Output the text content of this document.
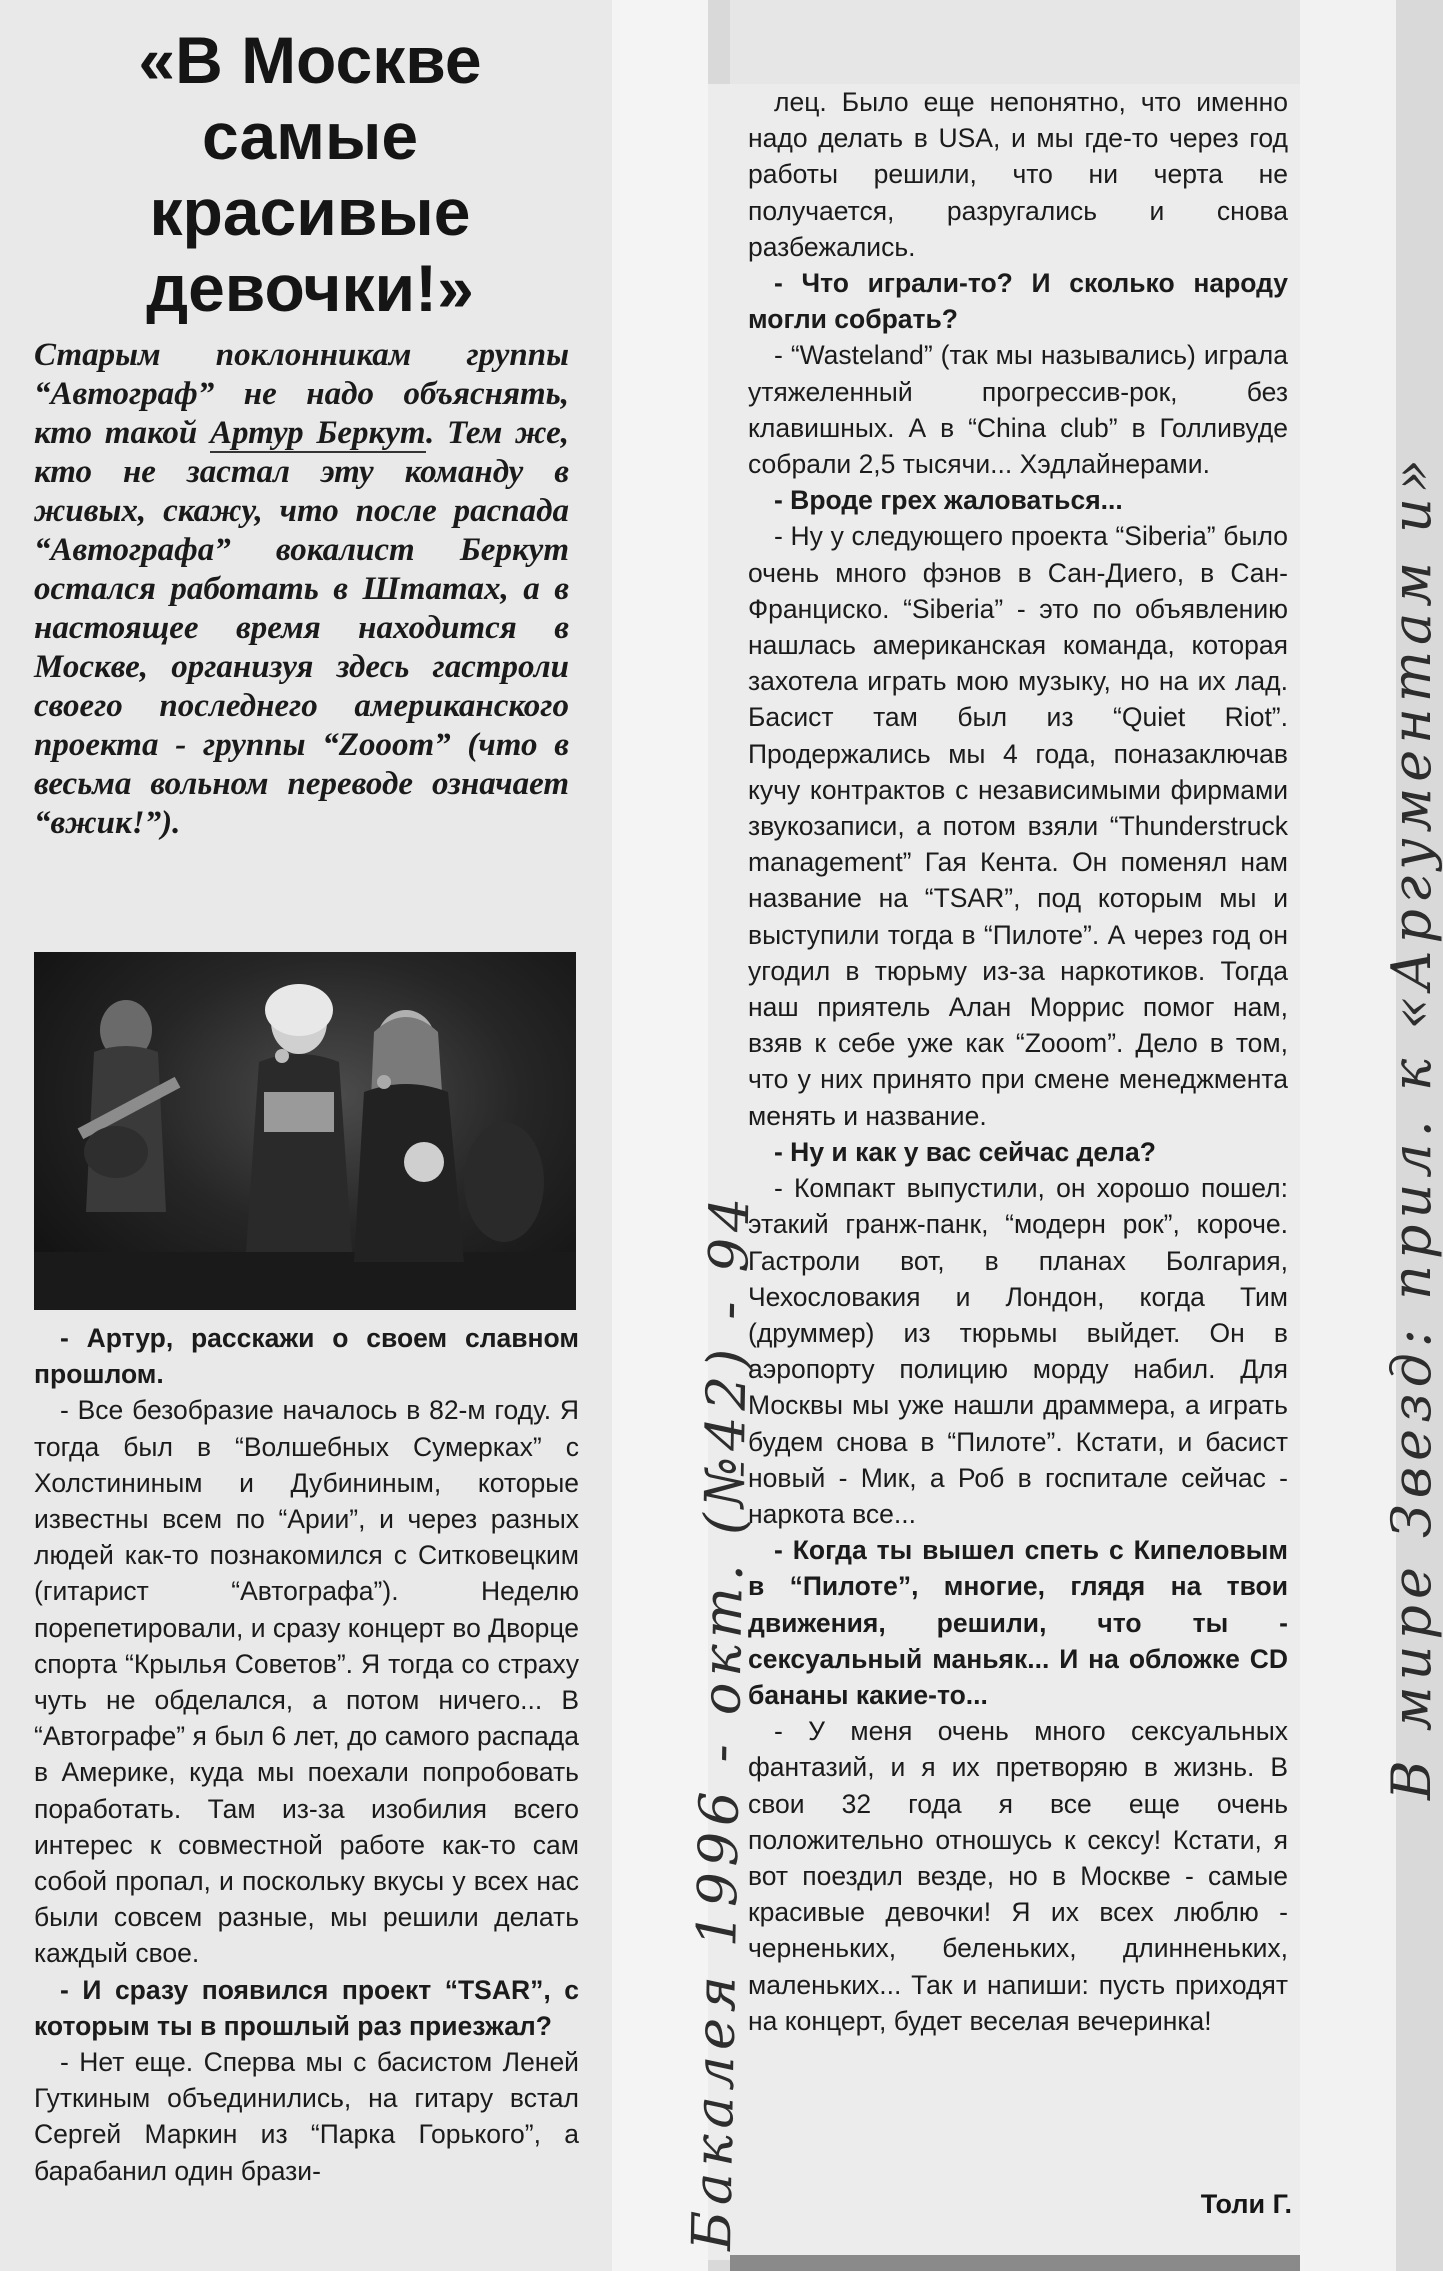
«В Москве самые красивые девочки!»

Старым поклонникам группы “Автограф” не надо объяснять, кто такой Артур Беркут. Тем же, кто не застал эту команду в живых, скажу, что после распада “Автографа” вокалист Беркут остался работать в Штатах, а в настоящее время находится в Москве, организуя здесь гастроли своего последнего американского проекта - группы “Zooom” (что в весьма вольном переводе означает “вжик!”).

- Артур, расскажи о своем славном прошлом.

- Все безобразие началось в 82-м году. Я тогда был в “Волшебных Сумерках” с Холстининым и Дубининым, которые известны всем по “Арии”, и через разных людей как-то познакомился с Ситковецким (гитарист “Автографа”). Неделю порепетировали, и сразу концерт во Дворце спорта “Крылья Советов”. Я тогда со страху чуть не обделался, а потом ничего... В “Автографе” я был 6 лет, до самого распада в Америке, куда мы поехали попробовать поработать. Там из-за изобилия всего интерес к совместной работе как-то сам собой пропал, и поскольку вкусы у всех нас были совсем разные, мы решили делать каждый свое.

- И сразу появился проект “TSAR”, с которым ты в прошлый раз приезжал?

- Нет еще. Сперва мы с басистом Леней Гуткиным объединились, на гитару встал Сергей Маркин из “Парка Горького”, а барабанил один брази-

лец. Было еще непонятно, что именно надо делать в USA, и мы где-то через год работы решили, что ни черта не получается, разругались и снова разбежались.

- Что играли-то? И сколько народу могли собрать?

- “Wasteland” (так мы назывались) играла утяжеленный прогрессив-рок, без клавишных. А в “China club” в Голливуде собрали 2,5 тысячи... Хэдлайнерами.

- Вроде грех жаловаться...

- Ну у следующего проекта “Siberia” было очень много фэнов в Сан-Диего, в Сан-Франциско. “Siberia” - это по объявлению нашлась американская команда, которая захотела играть мою музыку, но на их лад. Басист там был из “Quiet Riot”. Продержались мы 4 года, поназаключав кучу контрактов с независимыми фирмами звукозаписи, а потом взяли “Thunderstruck management” Гая Кента. Он поменял нам название на “TSAR”, под которым мы и выступили тогда в “Пилоте”. А через год он угодил в тюрьму из-за наркотиков. Тогда наш приятель Алан Моррис помог нам, взяв к себе уже как “Zooom”. Дело в том, что у них принято при смене менеджмента менять и название.

- Ну и как у вас сейчас дела?

- Компакт выпустили, он хорошо пошел: этакий гранж-панк, “модерн рок”, короче. Гастроли вот, в планах Болгария, Чехословакия и Лондон, когда Тим (друммер) из тюрьмы выйдет. Он в аэропорту полицию морду набил. Для Москвы мы уже нашли драммера, а играть будем снова в “Пилоте”. Кстати, и басист новый - Мик, а Роб в госпитале сейчас - наркота все...

- Когда ты вышел спеть с Кипеловым в “Пилоте”, многие, глядя на твои движения, решили, что ты - сексуальный маньяк... И на обложке CD бананы какие-то...

- У меня очень много сексуальных фантазий, и я их претворяю в жизнь. В свои 32 года я все еще очень положительно отношусь к сексу! Кстати, я вот поездил везде, но в Москве - самые красивые девочки! Я их всех люблю - черненьких, беленьких, длинненьких, маленьких... Так и напиши: пусть приходят на концерт, будет веселая вечеринка!

Толи Г.

Бакалея 1996 - окт. (№42) - 94	В мире Звезд: прил. к «Аргументам и»
